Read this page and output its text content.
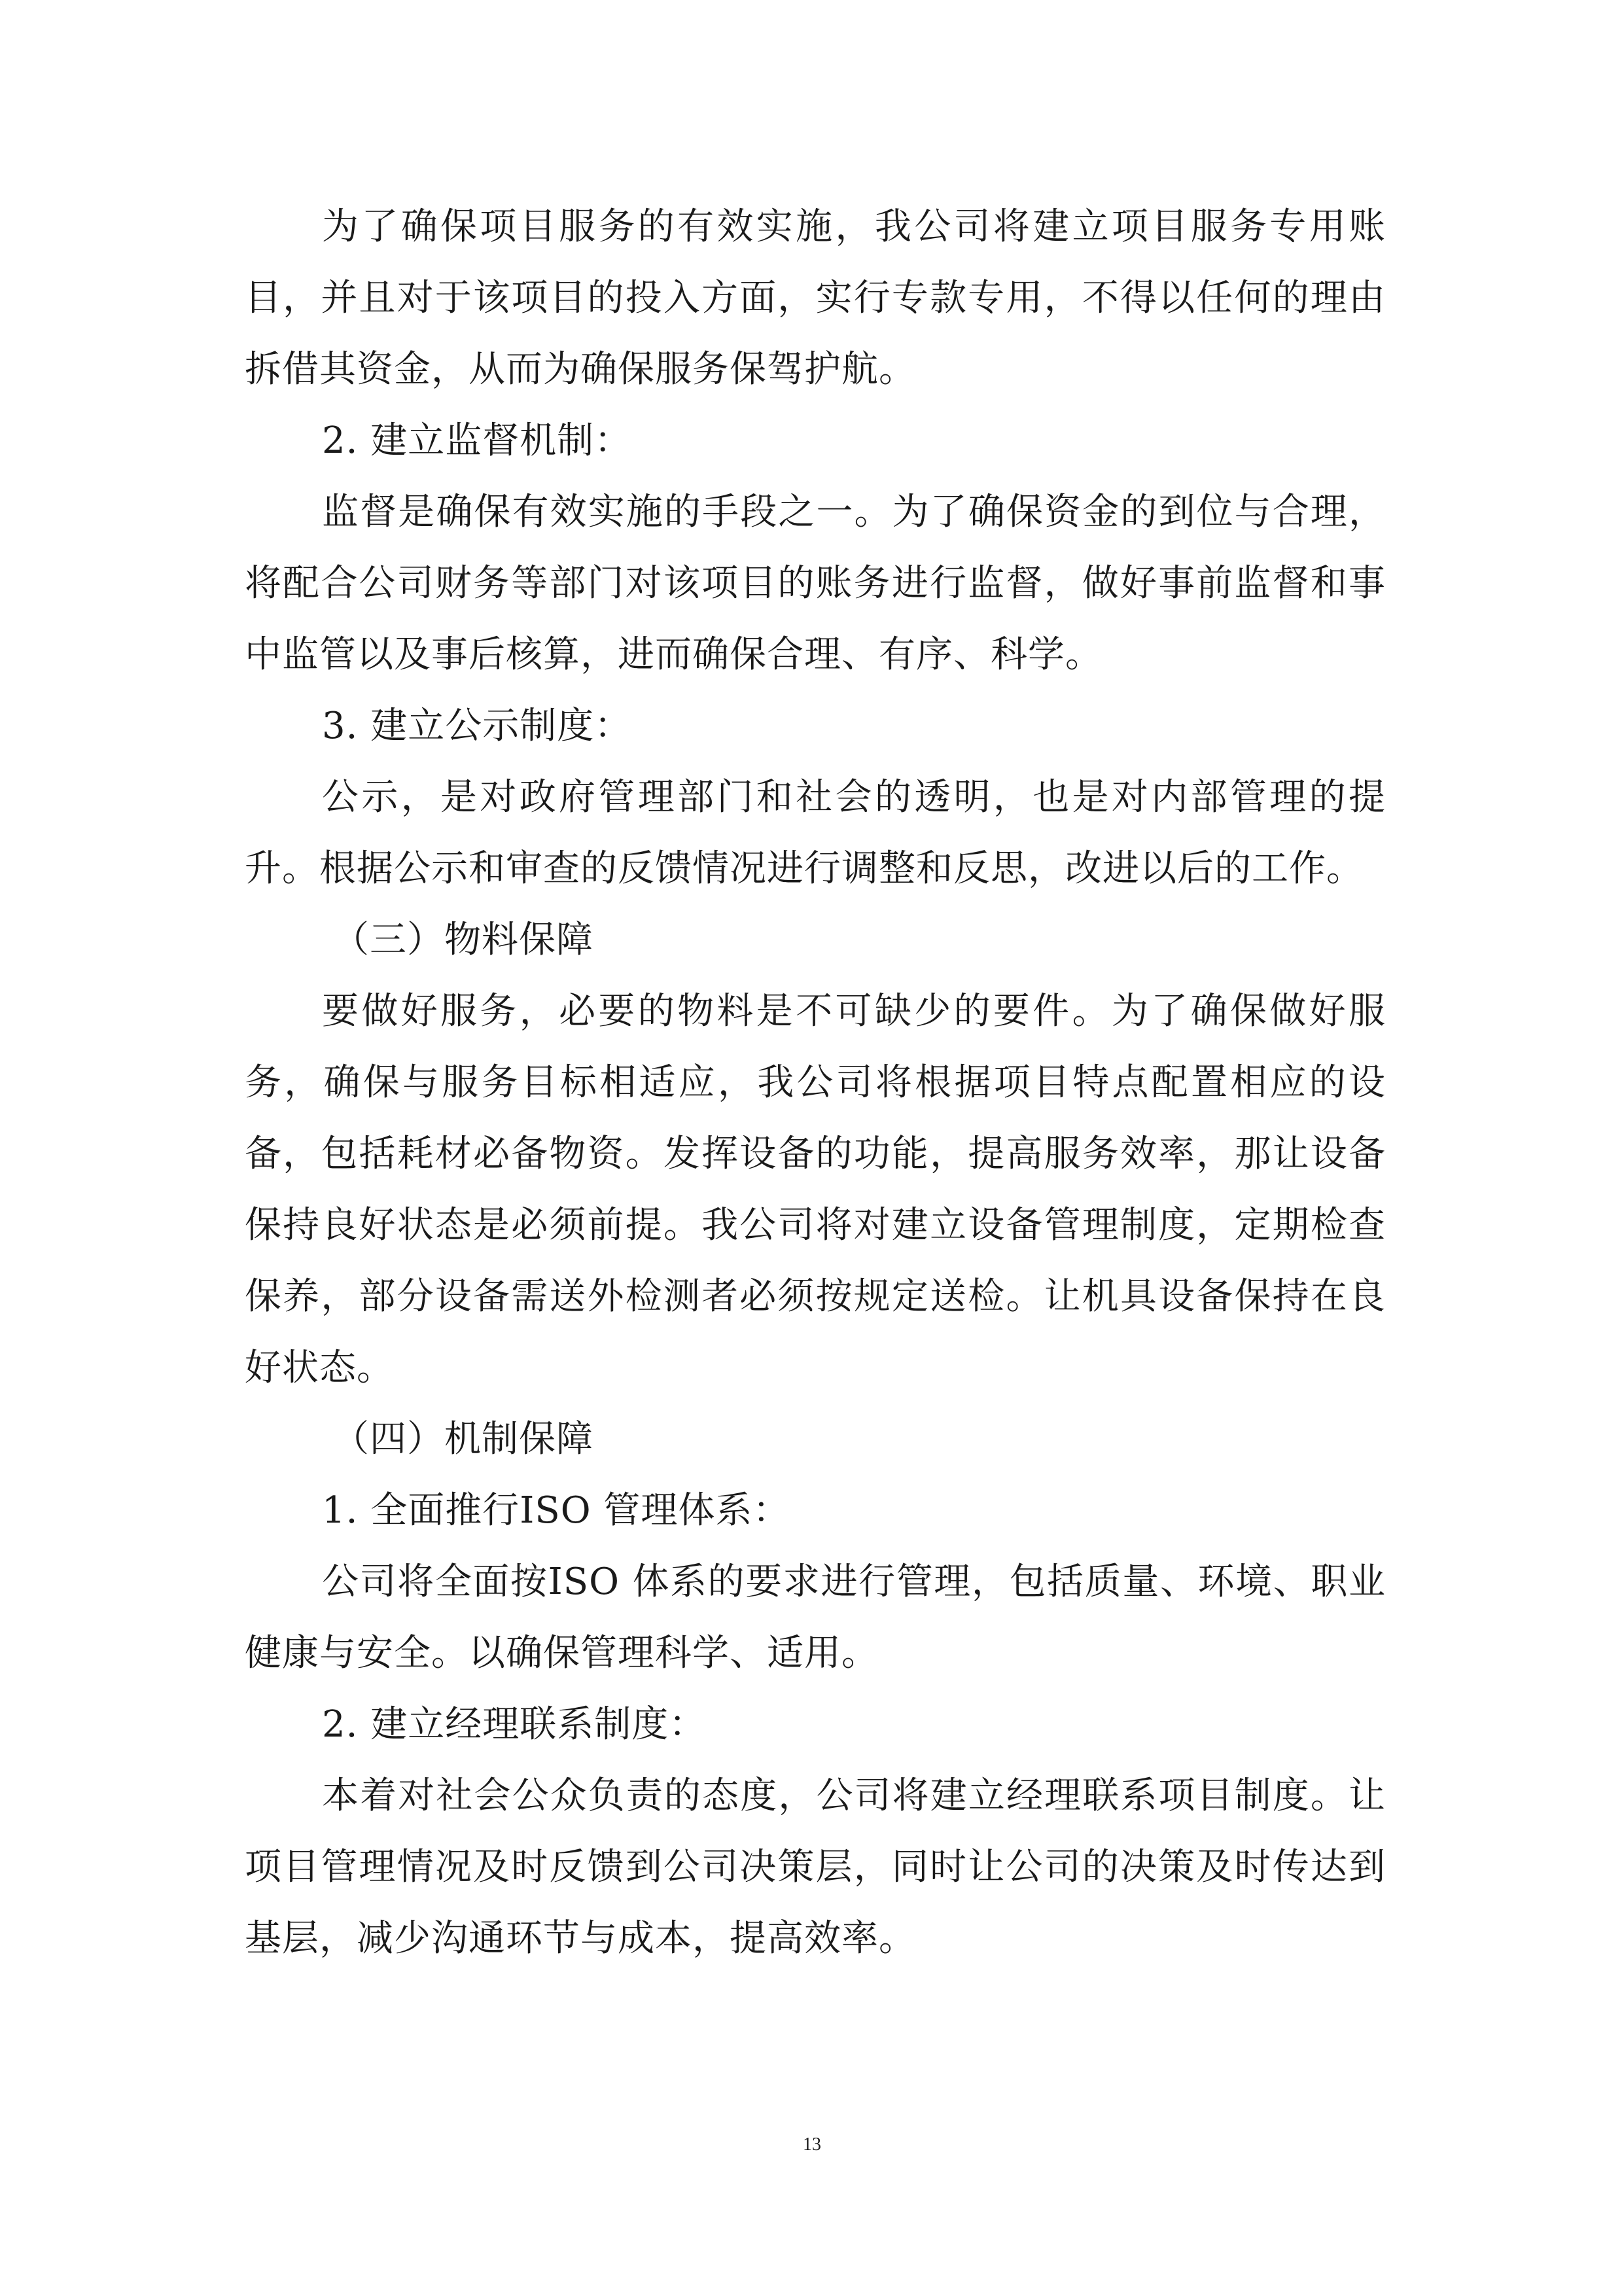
为了确保项目服务的有效实施，我公司将建立项目服务专用账目，并且对于该项目的投入方面，实行专款专用，不得以任何的理由拆借其资金，从而为确保服务保驾护航。

2. 建立监督机制：

监督是确保有效实施的手段之一。为了确保资金的到位与合理，将配合公司财务等部门对该项目的账务进行监督，做好事前监督和事中监管以及事后核算，进而确保合理、有序、科学。

3. 建立公示制度：

公示，是对政府管理部门和社会的透明，也是对内部管理的提升。根据公示和审查的反馈情况进行调整和反思，改进以后的工作。

（三）物料保障

要做好服务，必要的物料是不可缺少的要件。为了确保做好服务，确保与服务目标相适应，我公司将根据项目特点配置相应的设备，包括耗材必备物资。发挥设备的功能，提高服务效率，那让设备保持良好状态是必须前提。我公司将对建立设备管理制度，定期检查保养，部分设备需送外检测者必须按规定送检。让机具设备保持在良好状态。

（四）机制保障

1. 全面推行ISO 管理体系：

公司将全面按ISO 体系的要求进行管理，包括质量、环境、职业健康与安全。以确保管理科学、适用。

2. 建立经理联系制度：

本着对社会公众负责的态度，公司将建立经理联系项目制度。让项目管理情况及时反馈到公司决策层，同时让公司的决策及时传达到基层，减少沟通环节与成本，提高效率。

13
